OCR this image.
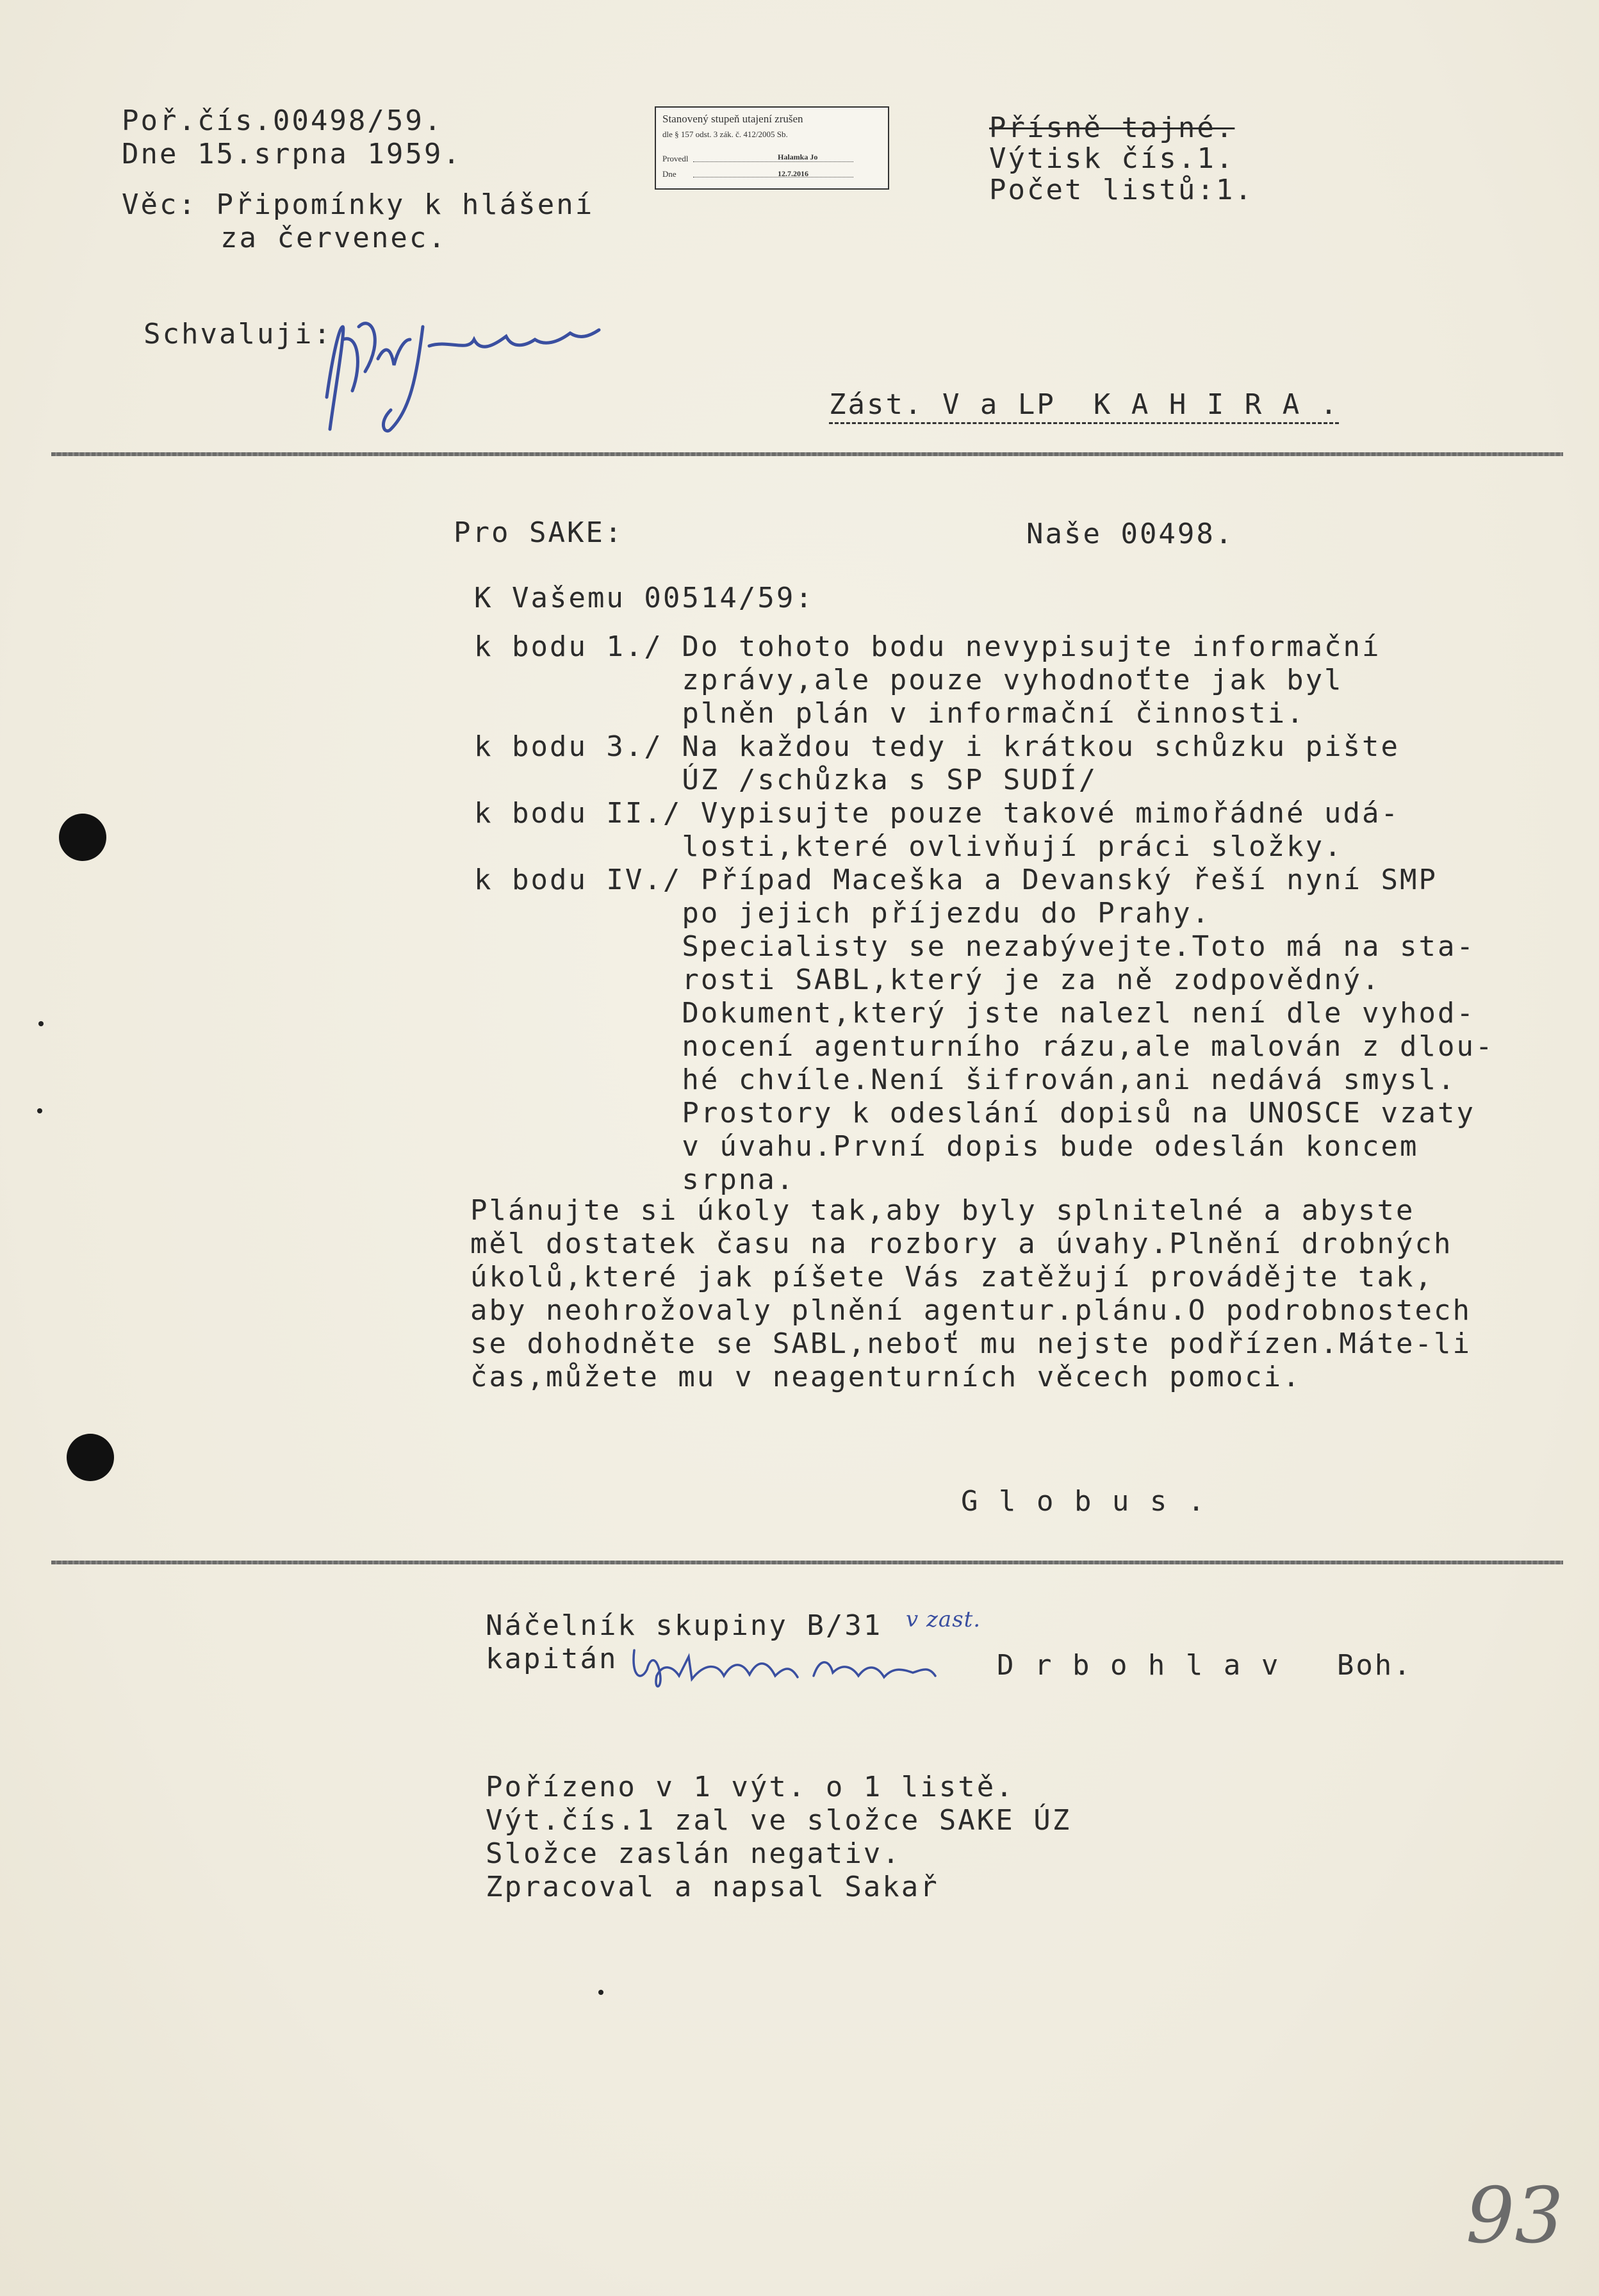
Poř.čís.00498/59.
Dne 15.srpna 1959.
Věc: Připomínky k hlášení
za červenec.
Schvaluji:
Stanovený stupeň utajení zrušen
dle § 157 odst. 3 zák. č. 412/2005 Sb.
Provedl	Halamka Jo
Dne	12.7.2016
Přísně tajné.
Výtisk čís.1.
Počet listů:1.
Zást. V a LP  K A H I R A .
Pro SAKE:	Naše 00498.
K Vašemu 00514/59:
k bodu 1./ Do tohoto bodu nevypisujte informační
zprávy,ale pouze vyhodnoťte jak byl
plněn plán v informační činnosti.
k bodu 3./ Na každou tedy i krátkou schůzku pište
ÚZ /schůzka s SP SUDÍ/
k bodu II./ Vypisujte pouze takové mimořádné udá-
losti,které ovlivňují práci složky.
k bodu IV./ Případ Maceška a Devanský řeší nyní SMP
po jejich příjezdu do Prahy.
Specialisty se nezabývejte.Toto má na sta-
rosti SABL,který je za ně zodpovědný.
Dokument,který jste nalezl není dle vyhod-
nocení agenturního rázu,ale malován z dlou-
hé chvíle.Není šifrován,ani nedává smysl.
Prostory k odeslání dopisů na UNOSCE vzaty
v úvahu.První dopis bude odeslán koncem
srpna.
Plánujte si úkoly tak,aby byly splnitelné a abyste
měl dostatek času na rozbory a úvahy.Plnění drobných
úkolů,které jak píšete Vás zatěžují provádějte tak,
aby neohrožovaly plnění agentur.plánu.O podrobnostech
se dohodněte se SABL,neboť mu nejste podřízen.Máte-li
čas,můžete mu v neagenturních věcech pomoci.
G l o b u s .
Náčelník skupiny B/31 v zast.
kapitán	D r b o h l a v   Boh.
Pořízeno v 1 výt. o 1 listě.
Výt.čís.1 zal ve složce SAKE ÚZ
Složce zaslán negativ.
Zpracoval a napsal Sakař
93
